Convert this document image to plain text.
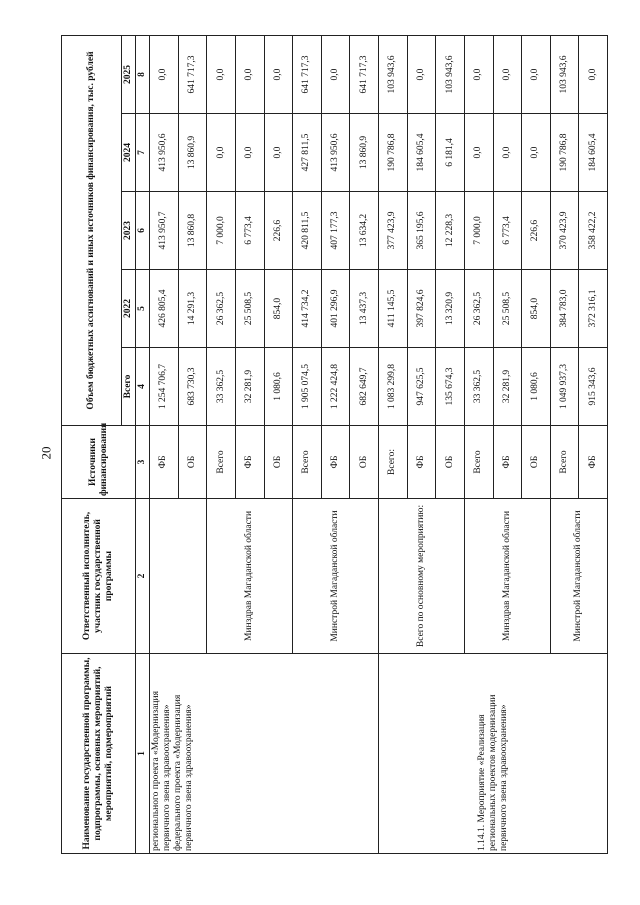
20
Наименование государственной программы, подпрограммы, основных мероприятий, мероприятий, подмероприятий	Ответственный исполнитель, участник государственной программы	Источники финансирования	Объем бюджетных ассигнований и иных источников финансирования, тыс. рублей				
			Всего	2022	2023	2024	2025
1	2	3	4	5	6	7	8
регионального проекта «Модернизация первичного звена здравоохранения» федерального проекта «Модернизация первичного звена здравоохранения»		ФБ	1 254 706,7	426 805,4	413 950,7	413 950,6	0,0
		ОБ	683 730,3	14 291,3	13 860,8	13 860,9	641 717,3
	Минздрав Магаданской области	Всего	33 362,5	26 362,5	7 000,0	0,0	0,0
		ФБ	32 281,9	25 508,5	6 773,4	0,0	0,0
		ОБ	1 080,6	854,0	226,6	0,0	0,0
	Минстрой Магаданской области	Всего	1 905 074,5	414 734,2	420 811,5	427 811,5	641 717,3
		ФБ	1 222 424,8	401 296,9	407 177,3	413 950,6	0,0
		ОБ	682 649,7	13 437,3	13 634,2	13 860,9	641 717,3
1.14.1. Мероприятие «Реализация региональных проектов модернизации первичного звена здравоохранения»	Всего по основному мероприятию:	Всего:	1 083 299,8	411 145,5	377 423,9	190 786,8	103 943,6
		ФБ	947 625,5	397 824,6	365 195,6	184 605,4	0,0
		ОБ	135 674,3	13 320,9	12 228,3	6 181,4	103 943,6
	Минздрав Магаданской области	Всего	33 362,5	26 362,5	7 000,0	0,0	0,0
		ФБ	32 281,9	25 508,5	6 773,4	0,0	0,0
		ОБ	1 080,6	854,0	226,6	0,0	0,0
	Минстрой Магаданской области	Всего	1 049 937,3	384 783,0	370 423,9	190 786,8	103 943,6
		ФБ	915 343,6	372 316,1	358 422,2	184 605,4	0,0
